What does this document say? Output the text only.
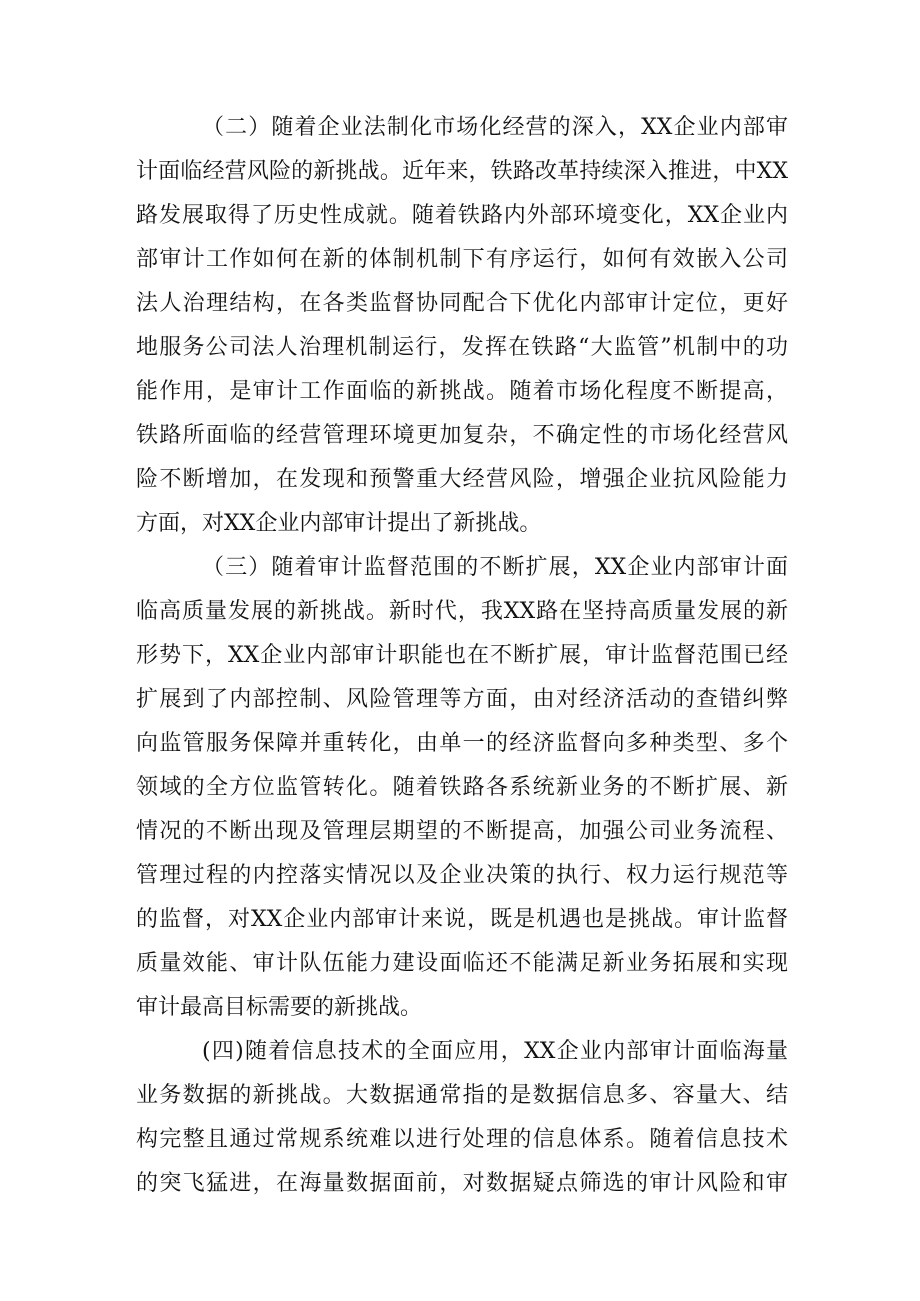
（二）随着企业法制化市场化经营的深入，XX企业内部审
计面临经营风险的新挑战。近年来，铁路改革持续深入推进，中XX
路发展取得了历史性成就。随着铁路内外部环境变化，XX企业内
部审计工作如何在新的体制机制下有序运行，如何有效嵌入公司
法人治理结构，在各类监督协同配合下优化内部审计定位，更好
地服务公司法人治理机制运行，发挥在铁路“大监管”机制中的功
能作用，是审计工作面临的新挑战。随着市场化程度不断提高，
铁路所面临的经营管理环境更加复杂，不确定性的市场化经营风
险不断增加，在发现和预警重大经营风险，增强企业抗风险能力
方面，对XX企业内部审计提出了新挑战。
（三）随着审计监督范围的不断扩展，XX企业内部审计面
临高质量发展的新挑战。新时代，我XX路在坚持高质量发展的新
形势下，XX企业内部审计职能也在不断扩展，审计监督范围已经
扩展到了内部控制、风险管理等方面，由对经济活动的查错纠弊
向监管服务保障并重转化，由单一的经济监督向多种类型、多个
领域的全方位监管转化。随着铁路各系统新业务的不断扩展、新
情况的不断出现及管理层期望的不断提高，加强公司业务流程、
管理过程的内控落实情况以及企业决策的执行、权力运行规范等
的监督，对XX企业内部审计来说，既是机遇也是挑战。审计监督
质量效能、审计队伍能力建设面临还不能满足新业务拓展和实现
审计最高目标需要的新挑战。
(四)随着信息技术的全面应用，XX企业内部审计面临海量
业务数据的新挑战。大数据通常指的是数据信息多、容量大、结
构完整且通过常规系统难以进行处理的信息体系。随着信息技术
的突飞猛进，在海量数据面前，对数据疑点筛选的审计风险和审
